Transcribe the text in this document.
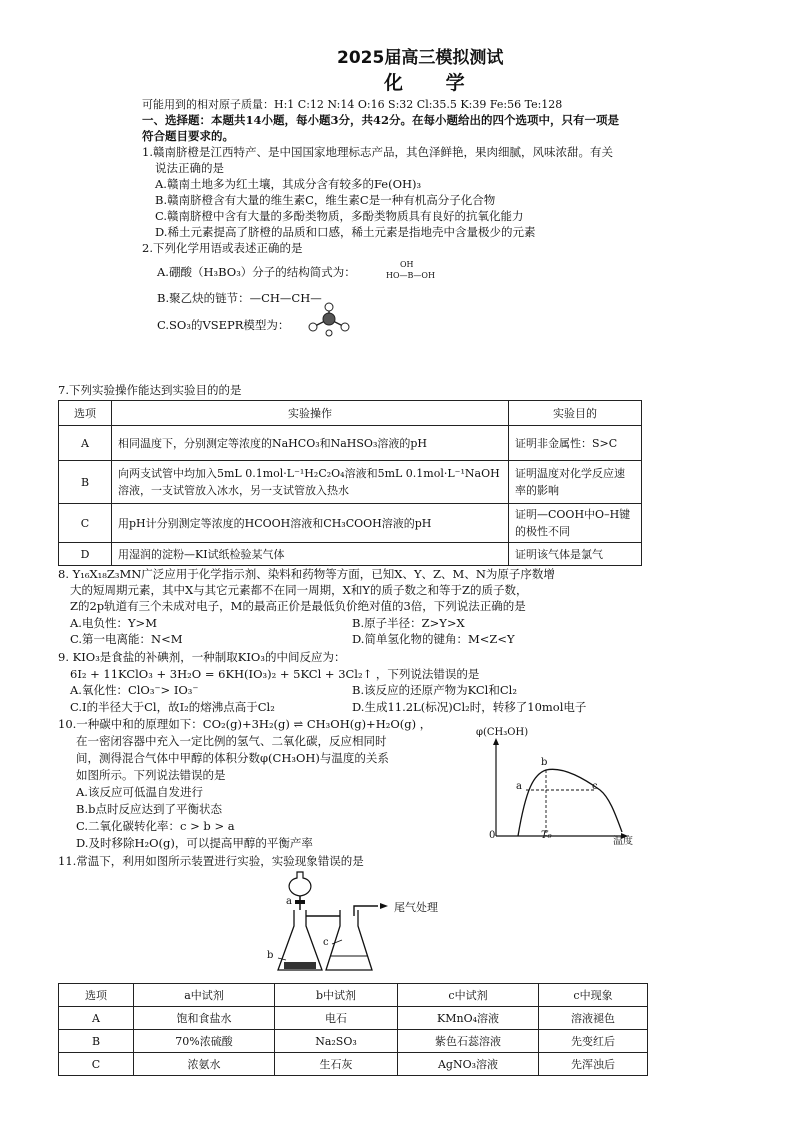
2025届高三模拟测试
化 学
可能用到的相对原子质量：H:1 C:12 N:14 O:16 S:32 Cl:35.5 K:39 Fe:56 Te:128
一、选择题：本题共14小题，每小题3分，共42分。在每小题给出的四个选项中，只有一项是
符合题目要求的。
1.赣南脐橙是江西特产、是中国国家地理标志产品，其色泽鲜艳，果肉细腻，风味浓甜。有关
说法正确的是
A.赣南土地多为红土壤，其成分含有较多的Fe(OH)₃
B.赣南脐橙含有大量的维生素C，维生素C是一种有机高分子化合物
C.赣南脐橙中含有大量的多酚类物质，多酚类物质具有良好的抗氧化能力
D.稀土元素提高了脐橙的品质和口感，稀土元素是指地壳中含量极少的元素
2.下列化学用语或表述正确的是
A.硼酸（H₃BO₃）分子的结构简式为：
OH
HO—B—OH
B.聚乙炔的链节：—CH—CH—
C.SO₃的VSEPR模型为：
7.下列实验操作能达到实验目的的是
选项	实验操作	实验目的
A	相同温度下，分别测定等浓度的NaHCO₃和NaHSO₃溶液的pH	证明非金属性：S>C
B	向两支试管中均加入5mL 0.1mol·L⁻¹H₂C₂O₄溶液和5mL 0.1mol·L⁻¹NaOH溶液，一支试管放入冰水，另一支试管放入热水	证明温度对化学反应速率的影响
C	用pH计分别测定等浓度的HCOOH溶液和CH₃COOH溶液的pH	证明—COOH中O–H键的极性不同
D	用湿润的淀粉—KI试纸检验某气体	证明该气体是氯气
8. Y₁₆X₁₈Z₃MN广泛应用于化学指示剂、染料和药物等方面，已知X、Y、Z、M、N为原子序数增
大的短周期元素，其中X与其它元素都不在同一周期，X和Y的质子数之和等于Z的质子数，
Z的2p轨道有三个未成对电子，M的最高正价是最低负价绝对值的3倍，下列说法正确的是
A.电负性：Y>M	B.原子半径：Z>Y>X
C.第一电离能：N<M	D.简单氢化物的键角：M<Z<Y
9. KIO₃是食盐的补碘剂，一种制取KIO₃的中间反应为：
6I₂ + 11KClO₃ + 3H₂O = 6KH(IO₃)₂ + 5KCl + 3Cl₂↑ ，下列说法错误的是
A.氧化性：ClO₃⁻> IO₃⁻	B.该反应的还原产物为KCl和Cl₂
C.I的半径大于Cl，故I₂的熔沸点高于Cl₂	D.生成11.2L(标况)Cl₂时，转移了10mol电子
10.一种碳中和的原理如下：CO₂(g)+3H₂(g) ⇌ CH₃OH(g)+H₂O(g) ，
在一密闭容器中充入一定比例的氢气、二氧化碳，反应相同时
间，测得混合气体中甲醇的体积分数φ(CH₃OH)与温度的关系
如图所示。下列说法错误的是
A.该反应可低温自发进行
B.b点时反应达到了平衡状态
C.二氧化碳转化率：c > b > a
D.及时移除H₂O(g)，可以提高甲醇的平衡产率
φ(CH₃OH)
温度
0	T₀
a
b
c
11.常温下，利用如图所示装置进行实验，实验现象错误的是
尾气处理
a
b
c
选项	a中试剂	b中试剂	c中试剂	c中现象
A	饱和食盐水	电石	KMnO₄溶液	溶液褪色
B	70%浓硫酸	Na₂SO₃	紫色石蕊溶液	先变红后
C	浓氨水	生石灰	AgNO₃溶液	先浑浊后
